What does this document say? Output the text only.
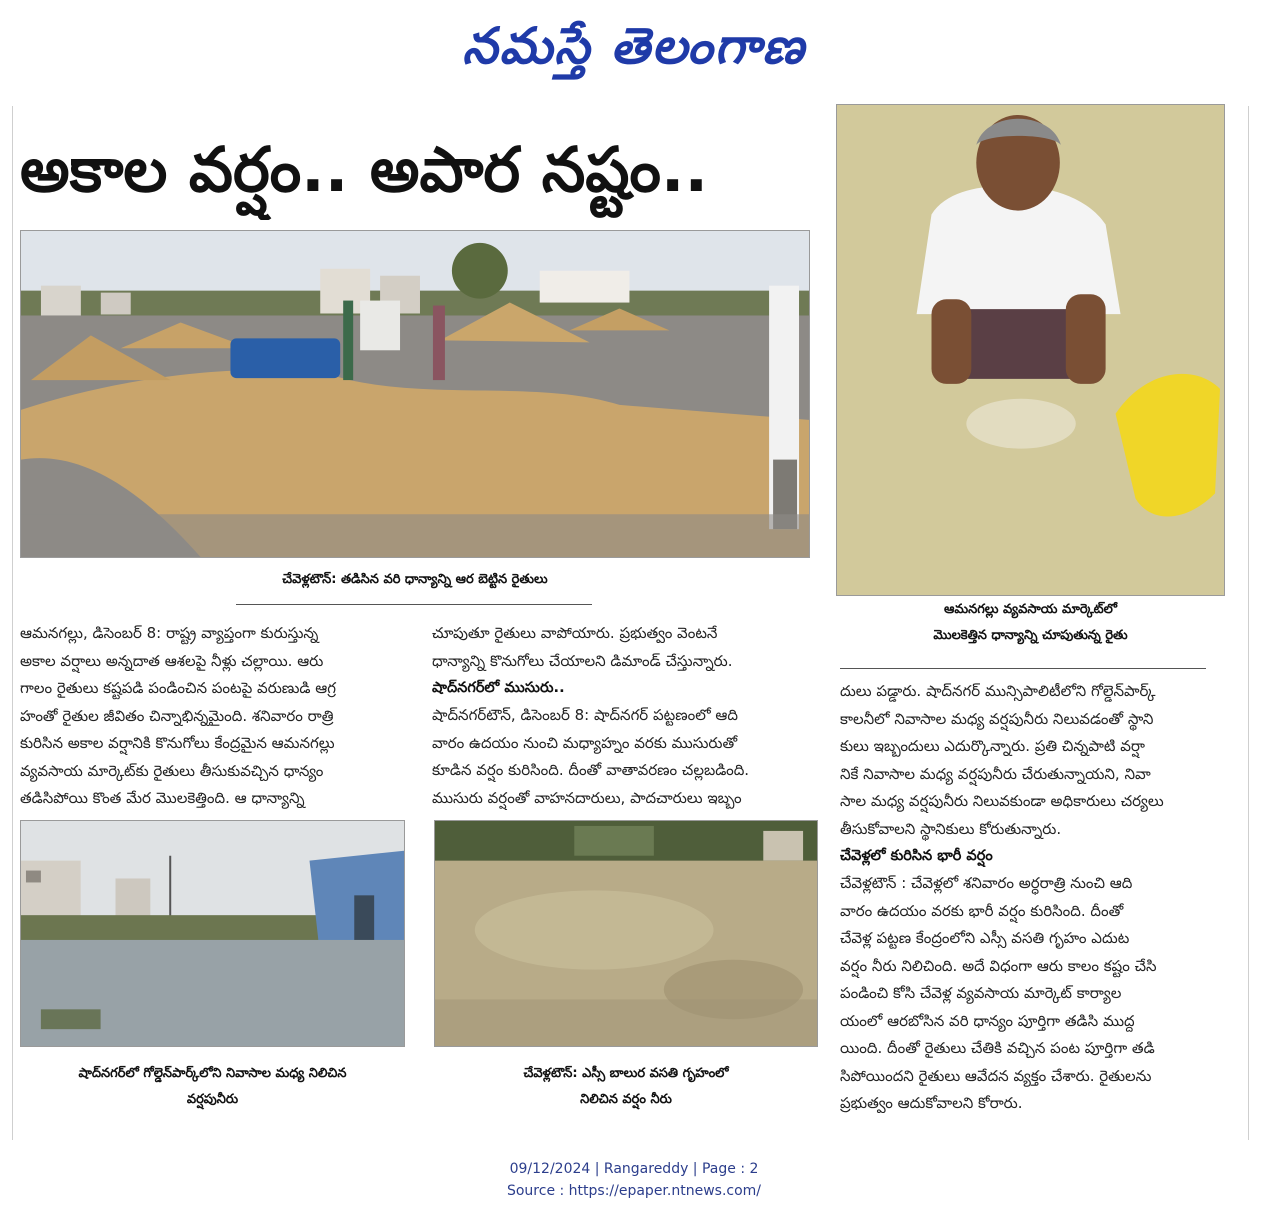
నమస్తే తెలంగాణ
అకాల వర్షం.. అపార నష్టం..
చేవెళ్లటౌన్: తడిసిన వరి ధాన్యాన్ని ఆర బెట్టిన రైతులు
ఆమనగల్లు వ్యవసాయ మార్కెట్‌లో
మొలకెత్తిన ధాన్యాన్ని చూపుతున్న రైతు

ఆమనగల్లు, డిసెంబర్ 8: రాష్ట్ర వ్యాప్తంగా కురుస్తున్న

అకాల వర్షాలు అన్నదాత ఆశలపై నీళ్లు చల్లాయి. ఆరు

గాలం రైతులు కష్టపడి పండించిన పంటపై వరుణుడి ఆగ్ర

హంతో రైతుల జీవితం చిన్నాభిన్నమైంది. శనివారం రాత్రి

కురిసిన అకాల వర్షానికి కొనుగోలు కేంద్రమైన ఆమనగల్లు

వ్యవసాయ మార్కెట్‌కు రైతులు తీసుకువచ్చిన ధాన్యం

తడిసిపోయి కొంత మేర మొలకెత్తింది. ఆ ధాన్యాన్ని

చూపుతూ రైతులు వాపోయారు. ప్రభుత్వం వెంటనే

ధాన్యాన్ని కొనుగోలు చేయాలని డిమాండ్ చేస్తున్నారు.

షాద్‌నగర్‌లో ముసురు..

షాద్‌నగర్‌టౌన్, డిసెంబర్ 8: షాద్‌నగర్ పట్టణంలో ఆది

వారం ఉదయం నుంచి మధ్యాహ్నం వరకు ముసురుతో

కూడిన వర్షం కురిసింది. దీంతో వాతావరణం చల్లబడింది.

ముసురు వర్షంతో వాహనదారులు, పాదచారులు ఇబ్బం

దులు పడ్డారు. షాద్‌నగర్ మున్సిపాలిటీలోని గోల్డెన్‌పార్క్

కాలనీలో నివాసాల మధ్య వర్షపునీరు నిలువడంతో స్థాని

కులు ఇబ్బందులు ఎదుర్కొన్నారు. ప్రతి చిన్నపాటి వర్షా

నికే నివాసాల మధ్య వర్షపునీరు చేరుతున్నాయని, నివా

సాల మధ్య వర్షపునీరు నిలువకుండా అధికారులు చర్యలు

తీసుకోవాలని స్థానికులు కోరుతున్నారు.

చేవెళ్లలో కురిసిన భారీ వర్షం

చేవెళ్లటౌన్ : చేవెళ్లలో శనివారం అర్ధరాత్రి నుంచి ఆది

వారం ఉదయం వరకు భారీ వర్షం కురిసింది. దీంతో

చేవెళ్ల పట్టణ కేంద్రంలోని ఎస్సీ వసతి గృహం ఎదుట

వర్షం నీరు నిలిచింది. అదే విధంగా ఆరు కాలం కష్టం చేసి

పండించి కోసి చేవెళ్ల వ్యవసాయ మార్కెట్ కార్యాల

యంలో ఆరబోసిన వరి ధాన్యం పూర్తిగా తడిసి ముద్ద

యింది. దీంతో రైతులు చేతికి వచ్చిన పంట పూర్తిగా తడి

సిపోయిందని రైతులు ఆవేదన వ్యక్తం చేశారు. రైతులను

ప్రభుత్వం ఆదుకోవాలని కోరారు.

షాద్‌నగర్‌లో గోల్డెన్‌పార్క్‌లోని నివాసాల మధ్య నిలిచిన
వర్షపునీరు
చేవెళ్లటౌన్: ఎస్సీ బాలుర వసతి గృహంలో
నిలిచిన వర్షం నీరు
09/12/2024 | Rangareddy | Page : 2
Source : https://epaper.ntnews.com/
